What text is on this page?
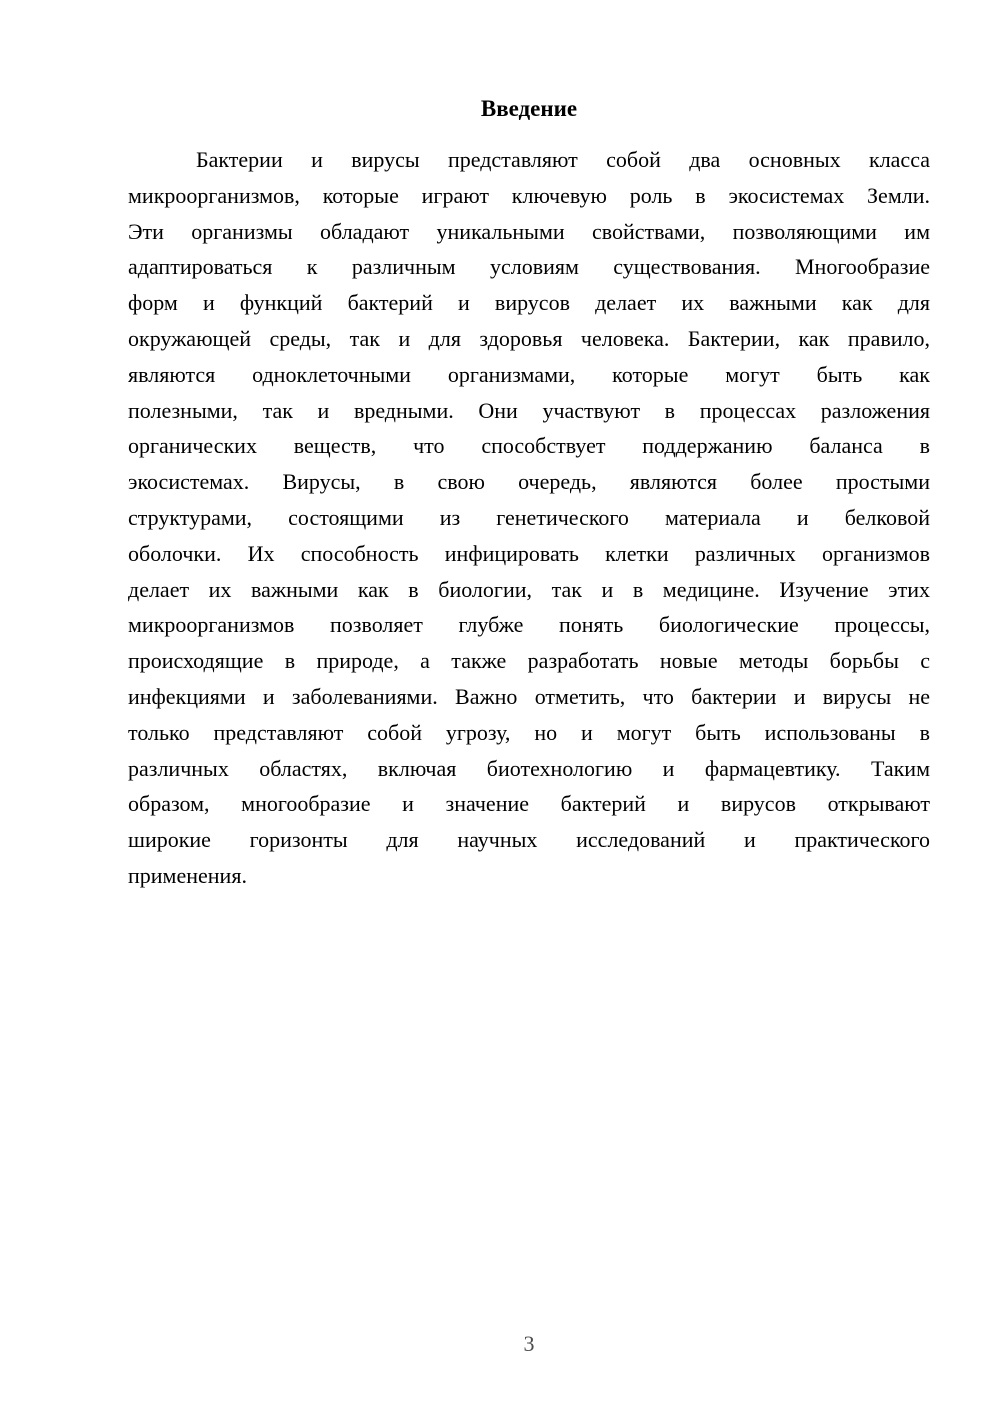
Введение
Бактерии и вирусы представляют собой два основных класса
микроорганизмов, которые играют ключевую роль в экосистемах Земли.
Эти организмы обладают уникальными свойствами, позволяющими им
адаптироваться к различным условиям существования. Многообразие
форм и функций бактерий и вирусов делает их важными как для
окружающей среды, так и для здоровья человека. Бактерии, как правило,
являются одноклеточными организмами, которые могут быть как
полезными, так и вредными. Они участвуют в процессах разложения
органических веществ, что способствует поддержанию баланса в
экосистемах. Вирусы, в свою очередь, являются более простыми
структурами, состоящими из генетического материала и белковой
оболочки. Их способность инфицировать клетки различных организмов
делает их важными как в биологии, так и в медицине. Изучение этих
микроорганизмов позволяет глубже понять биологические процессы,
происходящие в природе, а также разработать новые методы борьбы с
инфекциями и заболеваниями. Важно отметить, что бактерии и вирусы не
только представляют собой угрозу, но и могут быть использованы в
различных областях, включая биотехнологию и фармацевтику. Таким
образом, многообразие и значение бактерий и вирусов открывают
широкие горизонты для научных исследований и практического
применения.
3
